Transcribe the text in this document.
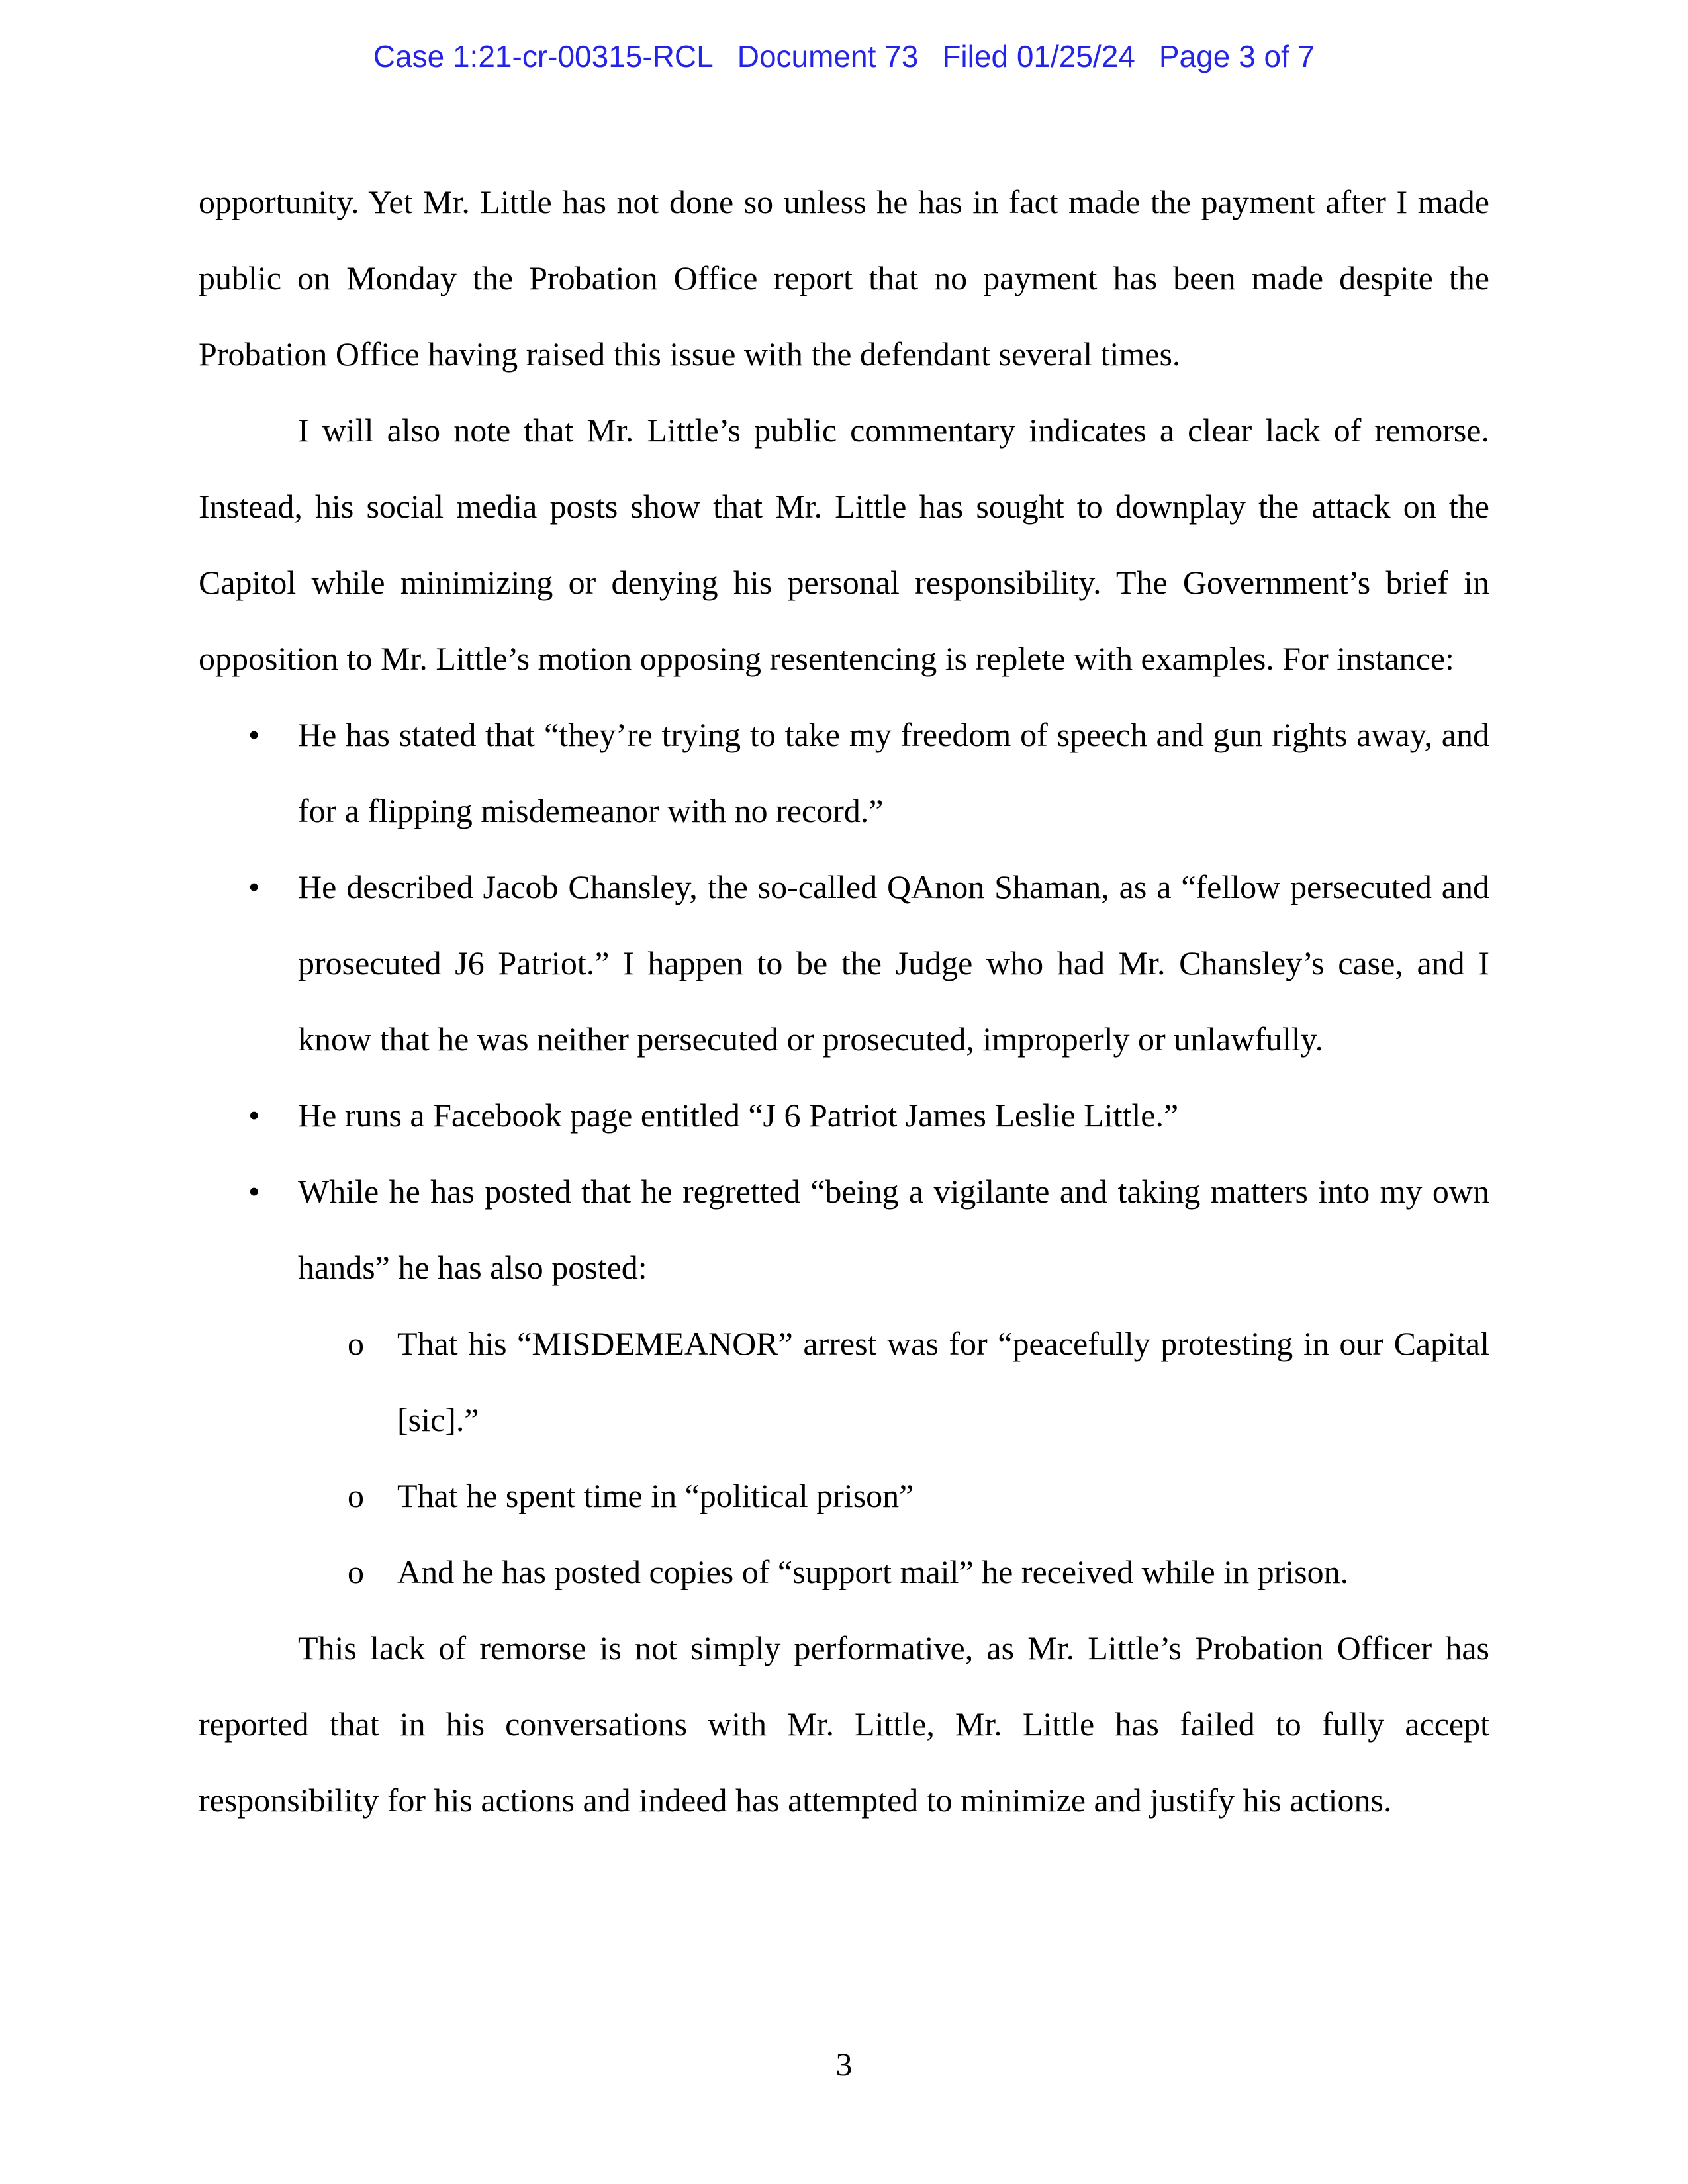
Case 1:21-cr-00315-RCL Document 73 Filed 01/25/24 Page 3 of 7

opportunity. Yet Mr. Little has not done so unless he has in fact made the payment after I made public on Monday the Probation Office report that no payment has been made despite the Probation Office having raised this issue with the defendant several times.

I will also note that Mr. Little’s public commentary indicates a clear lack of remorse. Instead, his social media posts show that Mr. Little has sought to downplay the attack on the Capitol while minimizing or denying his personal responsibility. The Government’s brief in opposition to Mr. Little’s motion opposing resentencing is replete with examples. For instance:

• He has stated that “they’re trying to take my freedom of speech and gun rights away, and for a flipping misdemeanor with no record.”

• He described Jacob Chansley, the so-called QAnon Shaman, as a “fellow persecuted and prosecuted J6 Patriot.” I happen to be the Judge who had Mr. Chansley’s case, and I know that he was neither persecuted or prosecuted, improperly or unlawfully.

• He runs a Facebook page entitled “J 6 Patriot James Leslie Little.”

• While he has posted that he regretted “being a vigilante and taking matters into my own hands” he has also posted:

o That his “MISDEMEANOR” arrest was for “peacefully protesting in our Capital [sic].”

o That he spent time in “political prison”

o And he has posted copies of “support mail” he received while in prison.

This lack of remorse is not simply performative, as Mr. Little’s Probation Officer has reported that in his conversations with Mr. Little, Mr. Little has failed to fully accept responsibility for his actions and indeed has attempted to minimize and justify his actions.

3
